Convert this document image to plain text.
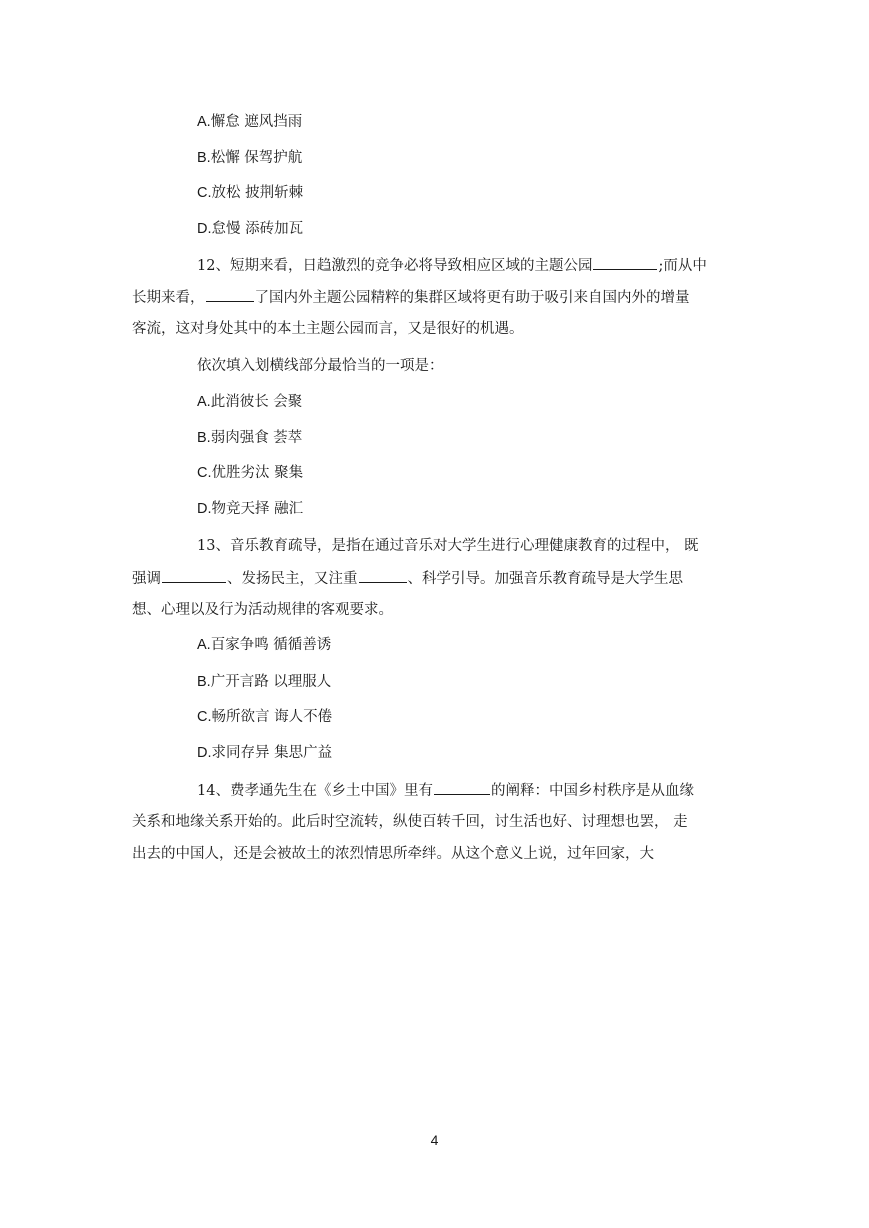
A.懈怠 遮风挡雨
B.松懈 保驾护航
C.放松 披荆斩棘
D.怠慢 添砖加瓦
12、短期来看，日趋激烈的竞争必将导致相应区域的主题公园	;而从中
长期来看，	了国内外主题公园精粹的集群区域将更有助于吸引来自国内外的增量
客流，这对身处其中的本土主题公园而言，又是很好的机遇。
依次填入划横线部分最恰当的一项是：
A.此消彼长 会聚
B.弱肉强食 荟萃
C.优胜劣汰 聚集
D.物竞天择 融汇
13、音乐教育疏导，是指在通过音乐对大学生进行心理健康教育的过程中， 既
强调	、发扬民主，又注重	、科学引导。加强音乐教育疏导是大学生思
想、心理以及行为活动规律的客观要求。
A.百家争鸣 循循善诱
B.广开言路 以理服人
C.畅所欲言 诲人不倦
D.求同存异 集思广益
14、费孝通先生在《乡土中国》里有	的阐释：中国乡村秩序是从血缘
关系和地缘关系开始的。此后时空流转，纵使百转千回，讨生活也好、讨理想也罢， 走
出去的中国人，还是会被故土的浓烈情思所牵绊。从这个意义上说，过年回家，大
4
